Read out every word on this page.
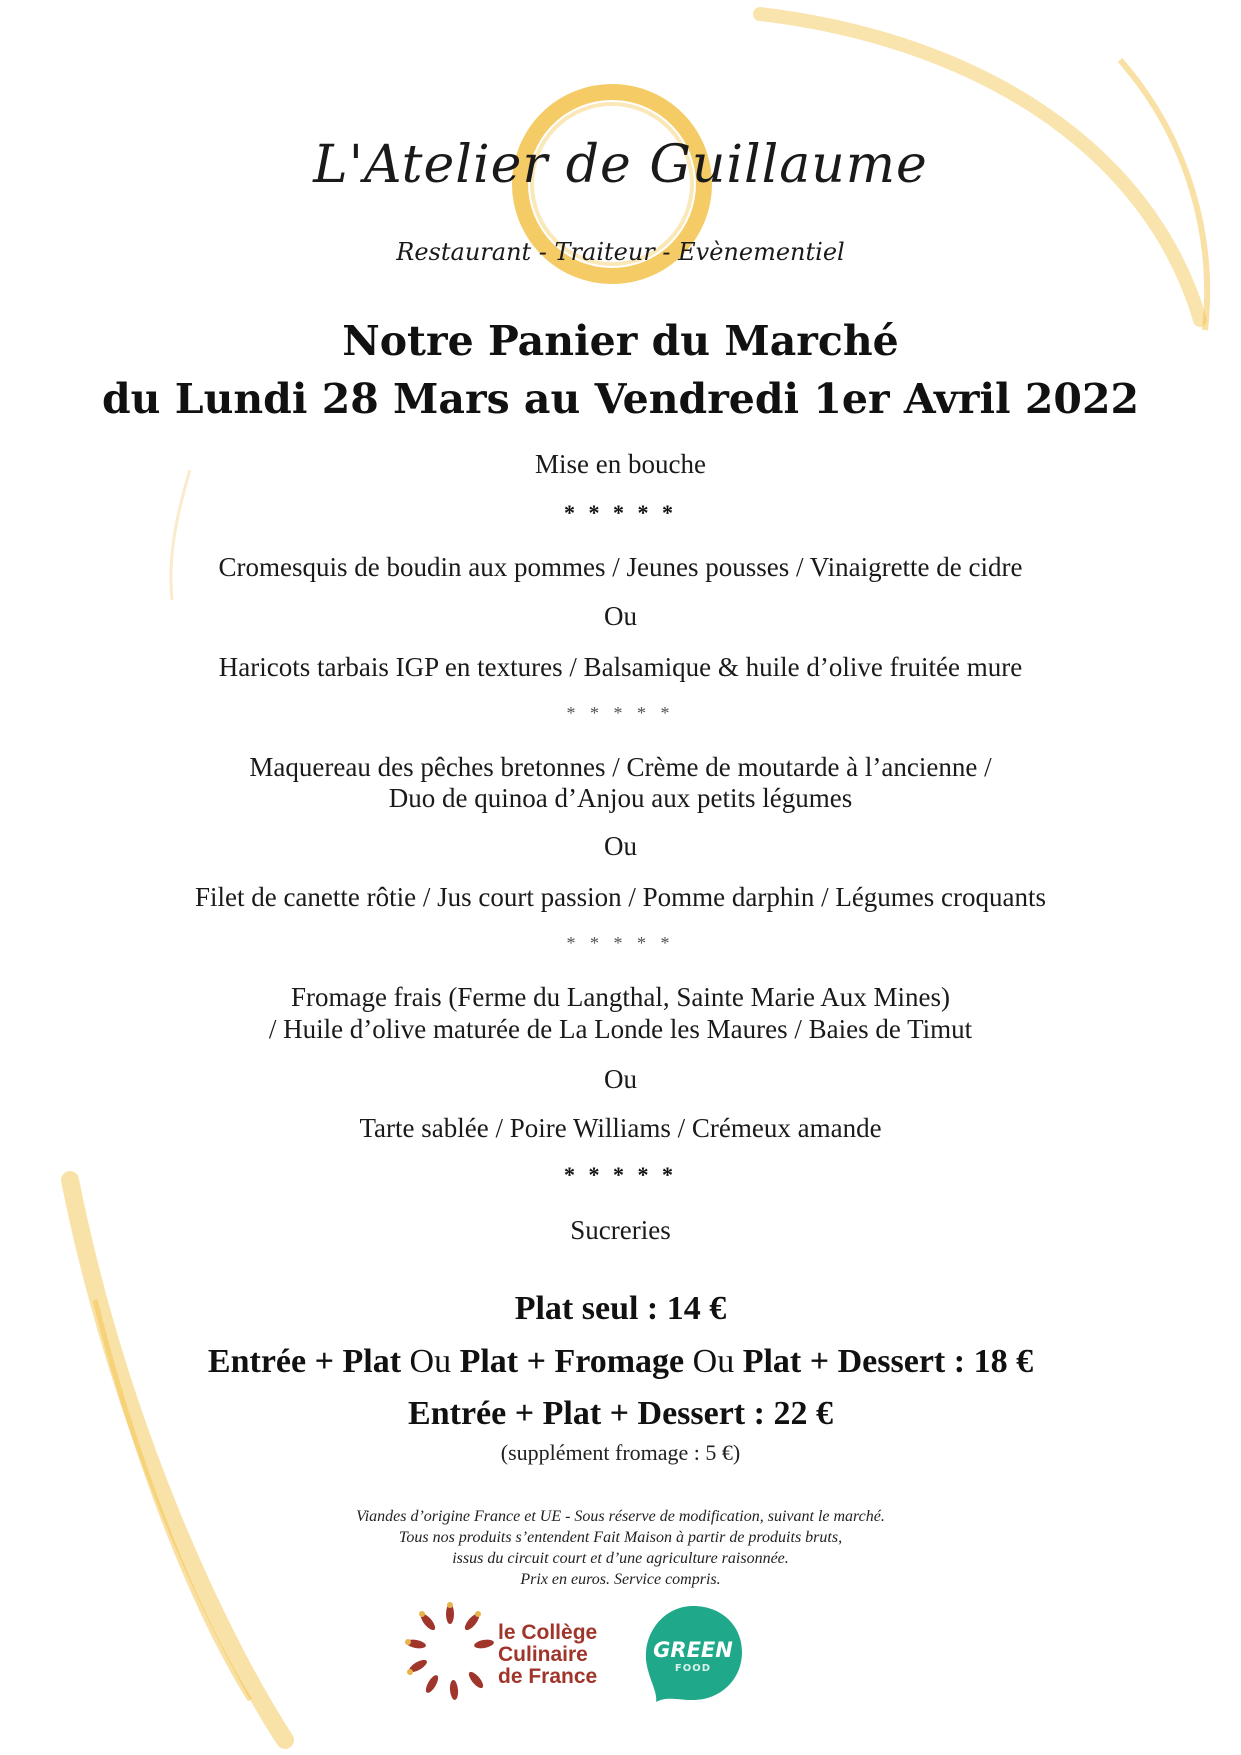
L'Atelier de Guillaume
Restaurant - Traiteur - Evènementiel
Notre Panier du Marché
du Lundi 28 Mars au Vendredi 1er Avril 2022
Mise en bouche
* * * * *
Cromesquis de boudin aux pommes / Jeunes pousses / Vinaigrette de cidre
Ou
Haricots tarbais IGP en textures / Balsamique & huile d’olive fruitée mure
* * * * *
Maquereau des pêches bretonnes / Crème de moutarde à l’ancienne /
Duo de quinoa d’Anjou aux petits légumes
Ou
Filet de canette rôtie / Jus court passion / Pomme darphin / Légumes croquants
* * * * *
Fromage frais (Ferme du Langthal, Sainte Marie Aux Mines)
/ Huile d’olive maturée de La Londe les Maures / Baies de Timut
Ou
Tarte sablée / Poire Williams / Crémeux amande
* * * * *
Sucreries
Plat seul : 14 €
Entrée + Plat Ou Plat + Fromage Ou Plat + Dessert : 18 €
Entrée + Plat + Dessert : 22 €
(supplément fromage : 5 €)
Viandes d’origine France et UE - Sous réserve de modification, suivant le marché.
Tous nos produits s’entendent Fait Maison à partir de produits bruts,
issus du circuit court et d’une agriculture raisonnée.
Prix en euros. Service compris.
le Collège
Culinaire
de France
GREEN
FOOD
